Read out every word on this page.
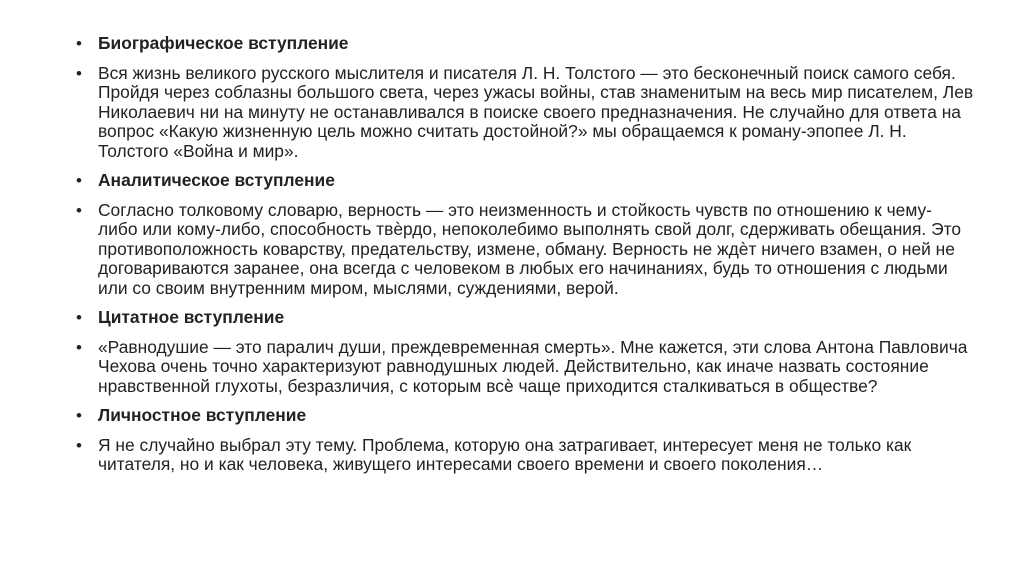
• Биографическое вступление
• Вся жизнь великого русского мыслителя и писателя Л. Н. Толстого — это бесконечный поиск самого себя. Пройдя через соблазны большого света, через ужасы войны, став знаменитым на весь мир писателем, Лев Николаевич ни на минуту не останавливался в поиске своего предназначения. Не случайно для ответа на вопрос «Какую жизненную цель можно считать достойной?» мы обращаемся к роману-эпопее Л. Н. Толстого «Война и мир».
• Аналитическое вступление
• Согласно толковому словарю, верность — это неизменность и стойкость чувств по отношению к чему- либо или кому-либо, способность твѐрдо, непоколебимо выполнять свой долг, сдерживать обещания. Это противоположность коварству, предательству, измене, обману. Верность не ждѐт ничего взамен, о ней не договариваются заранее, она всегда с человеком в любых его начинаниях, будь то отношения с людьми или со своим внутренним миром, мыслями, суждениями, верой.
• Цитатное вступление
• «Равнодушие — это паралич души, преждевременная смерть». Мне кажется, эти слова Антона Павловича Чехова очень точно характеризуют равнодушных людей. Действительно, как иначе назвать состояние нравственной глухоты, безразличия, с которым всѐ чаще приходится сталкиваться в обществе?
• Личностное вступление
• Я не случайно выбрал эту тему. Проблема, которую она затрагивает, интересует меня не только как читателя, но и как человека, живущего интересами своего времени и своего поколения…
